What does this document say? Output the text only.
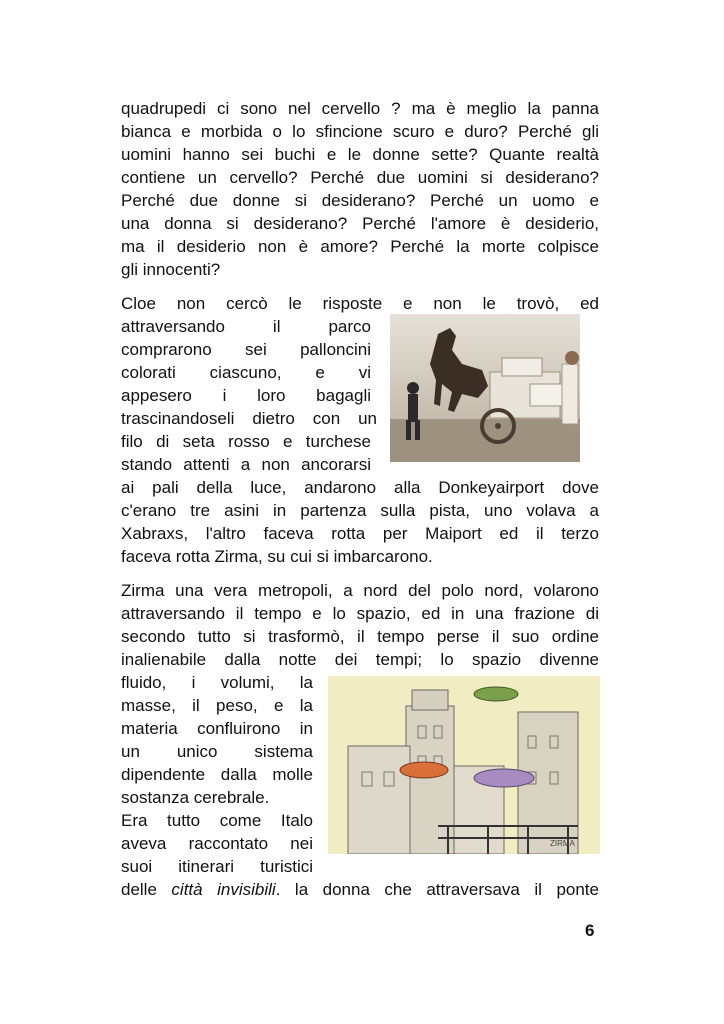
quadrupedi ci sono nel cervello ? ma è meglio la panna
bianca e morbida o lo sfincione scuro e duro? Perché gli
uomini hanno sei buchi e le donne sette? Quante realtà
contiene un cervello? Perché due uomini si desiderano?
Perché due donne si desiderano? Perché un uomo e
una donna si desiderano? Perché l'amore è desiderio,
ma il desiderio non è amore? Perché la morte colpisce
gli innocenti?
Cloe non cercò le risposte e non le trovò, ed
attraversando il parco
comprarono sei palloncini
colorati ciascuno, e vi
appesero i loro bagagli
trascinandoseli dietro con un
filo di seta rosso e turchese
stando attenti a non ancorarsi
ai pali della luce, andarono alla Donkeyairport dove
c'erano tre asini in partenza sulla pista, uno volava a
Xabraxs, l'altro faceva rotta per Maiport ed il terzo
faceva rotta Zirma, su cui si imbarcarono.
Zirma una vera metropoli, a nord del polo nord, volarono
attraversando il tempo e lo spazio, ed in una frazione di
secondo tutto si trasformò, il tempo perse il suo ordine
inalienabile dalla notte dei tempi; lo spazio divenne
fluido, i volumi, la
masse, il peso, e la
materia confluirono in
un unico sistema
dipendente dalla molle
sostanza cerebrale.
Era tutto come Italo
aveva raccontato nei
suoi itinerari turistici
delle città invisibili. la donna che attraversava il ponte
ZIRMA
6
